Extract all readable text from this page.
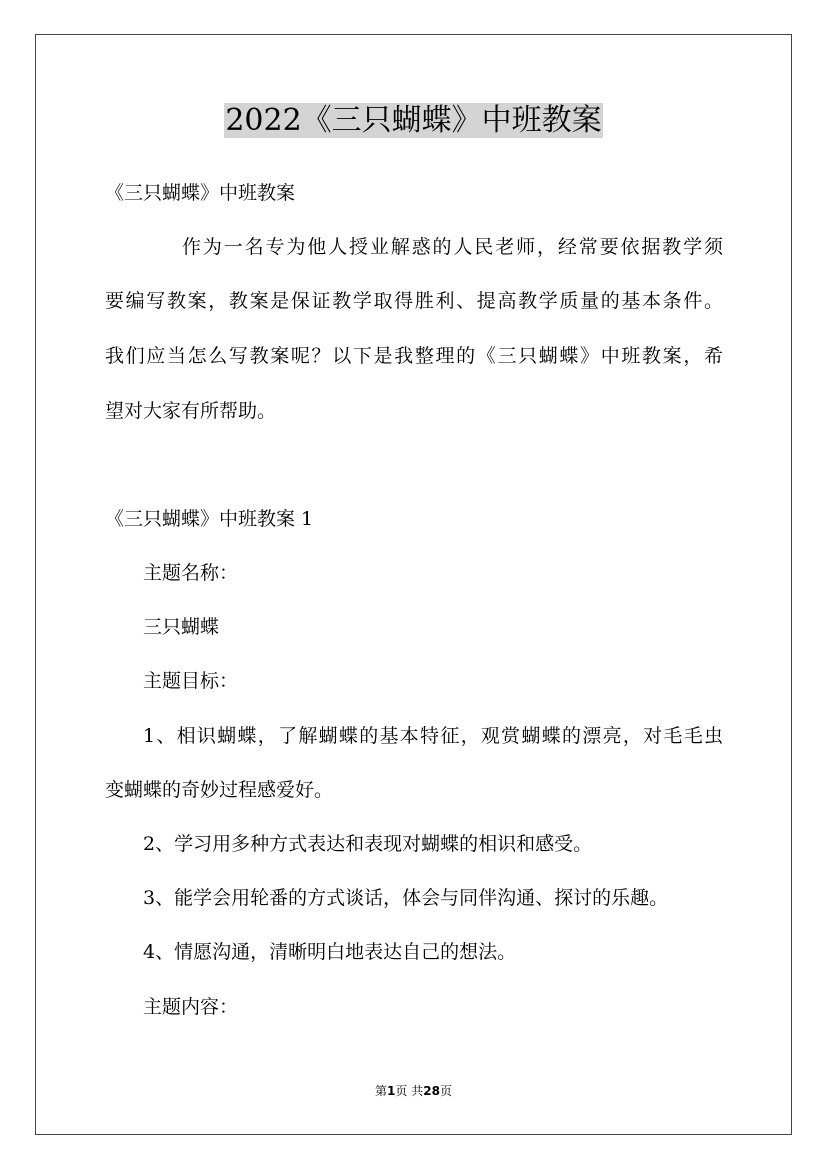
2022《三只蝴蝶》中班教案
《三只蝴蝶》中班教案
作为一名专为他人授业解惑的人民老师，经常要依据教学须
要编写教案，教案是保证教学取得胜利、提高教学质量的基本条件。
我们应当怎么写教案呢？以下是我整理的《三只蝴蝶》中班教案，希
望对大家有所帮助。
《三只蝴蝶》中班教案 1
主题名称：
三只蝴蝶
主题目标：
1、相识蝴蝶，了解蝴蝶的基本特征，观赏蝴蝶的漂亮，对毛毛虫
变蝴蝶的奇妙过程感爱好。
2、学习用多种方式表达和表现对蝴蝶的相识和感受。
3、能学会用轮番的方式谈话，体会与同伴沟通、探讨的乐趣。
4、情愿沟通，清晰明白地表达自己的想法。
主题内容：
第1页 共28页
